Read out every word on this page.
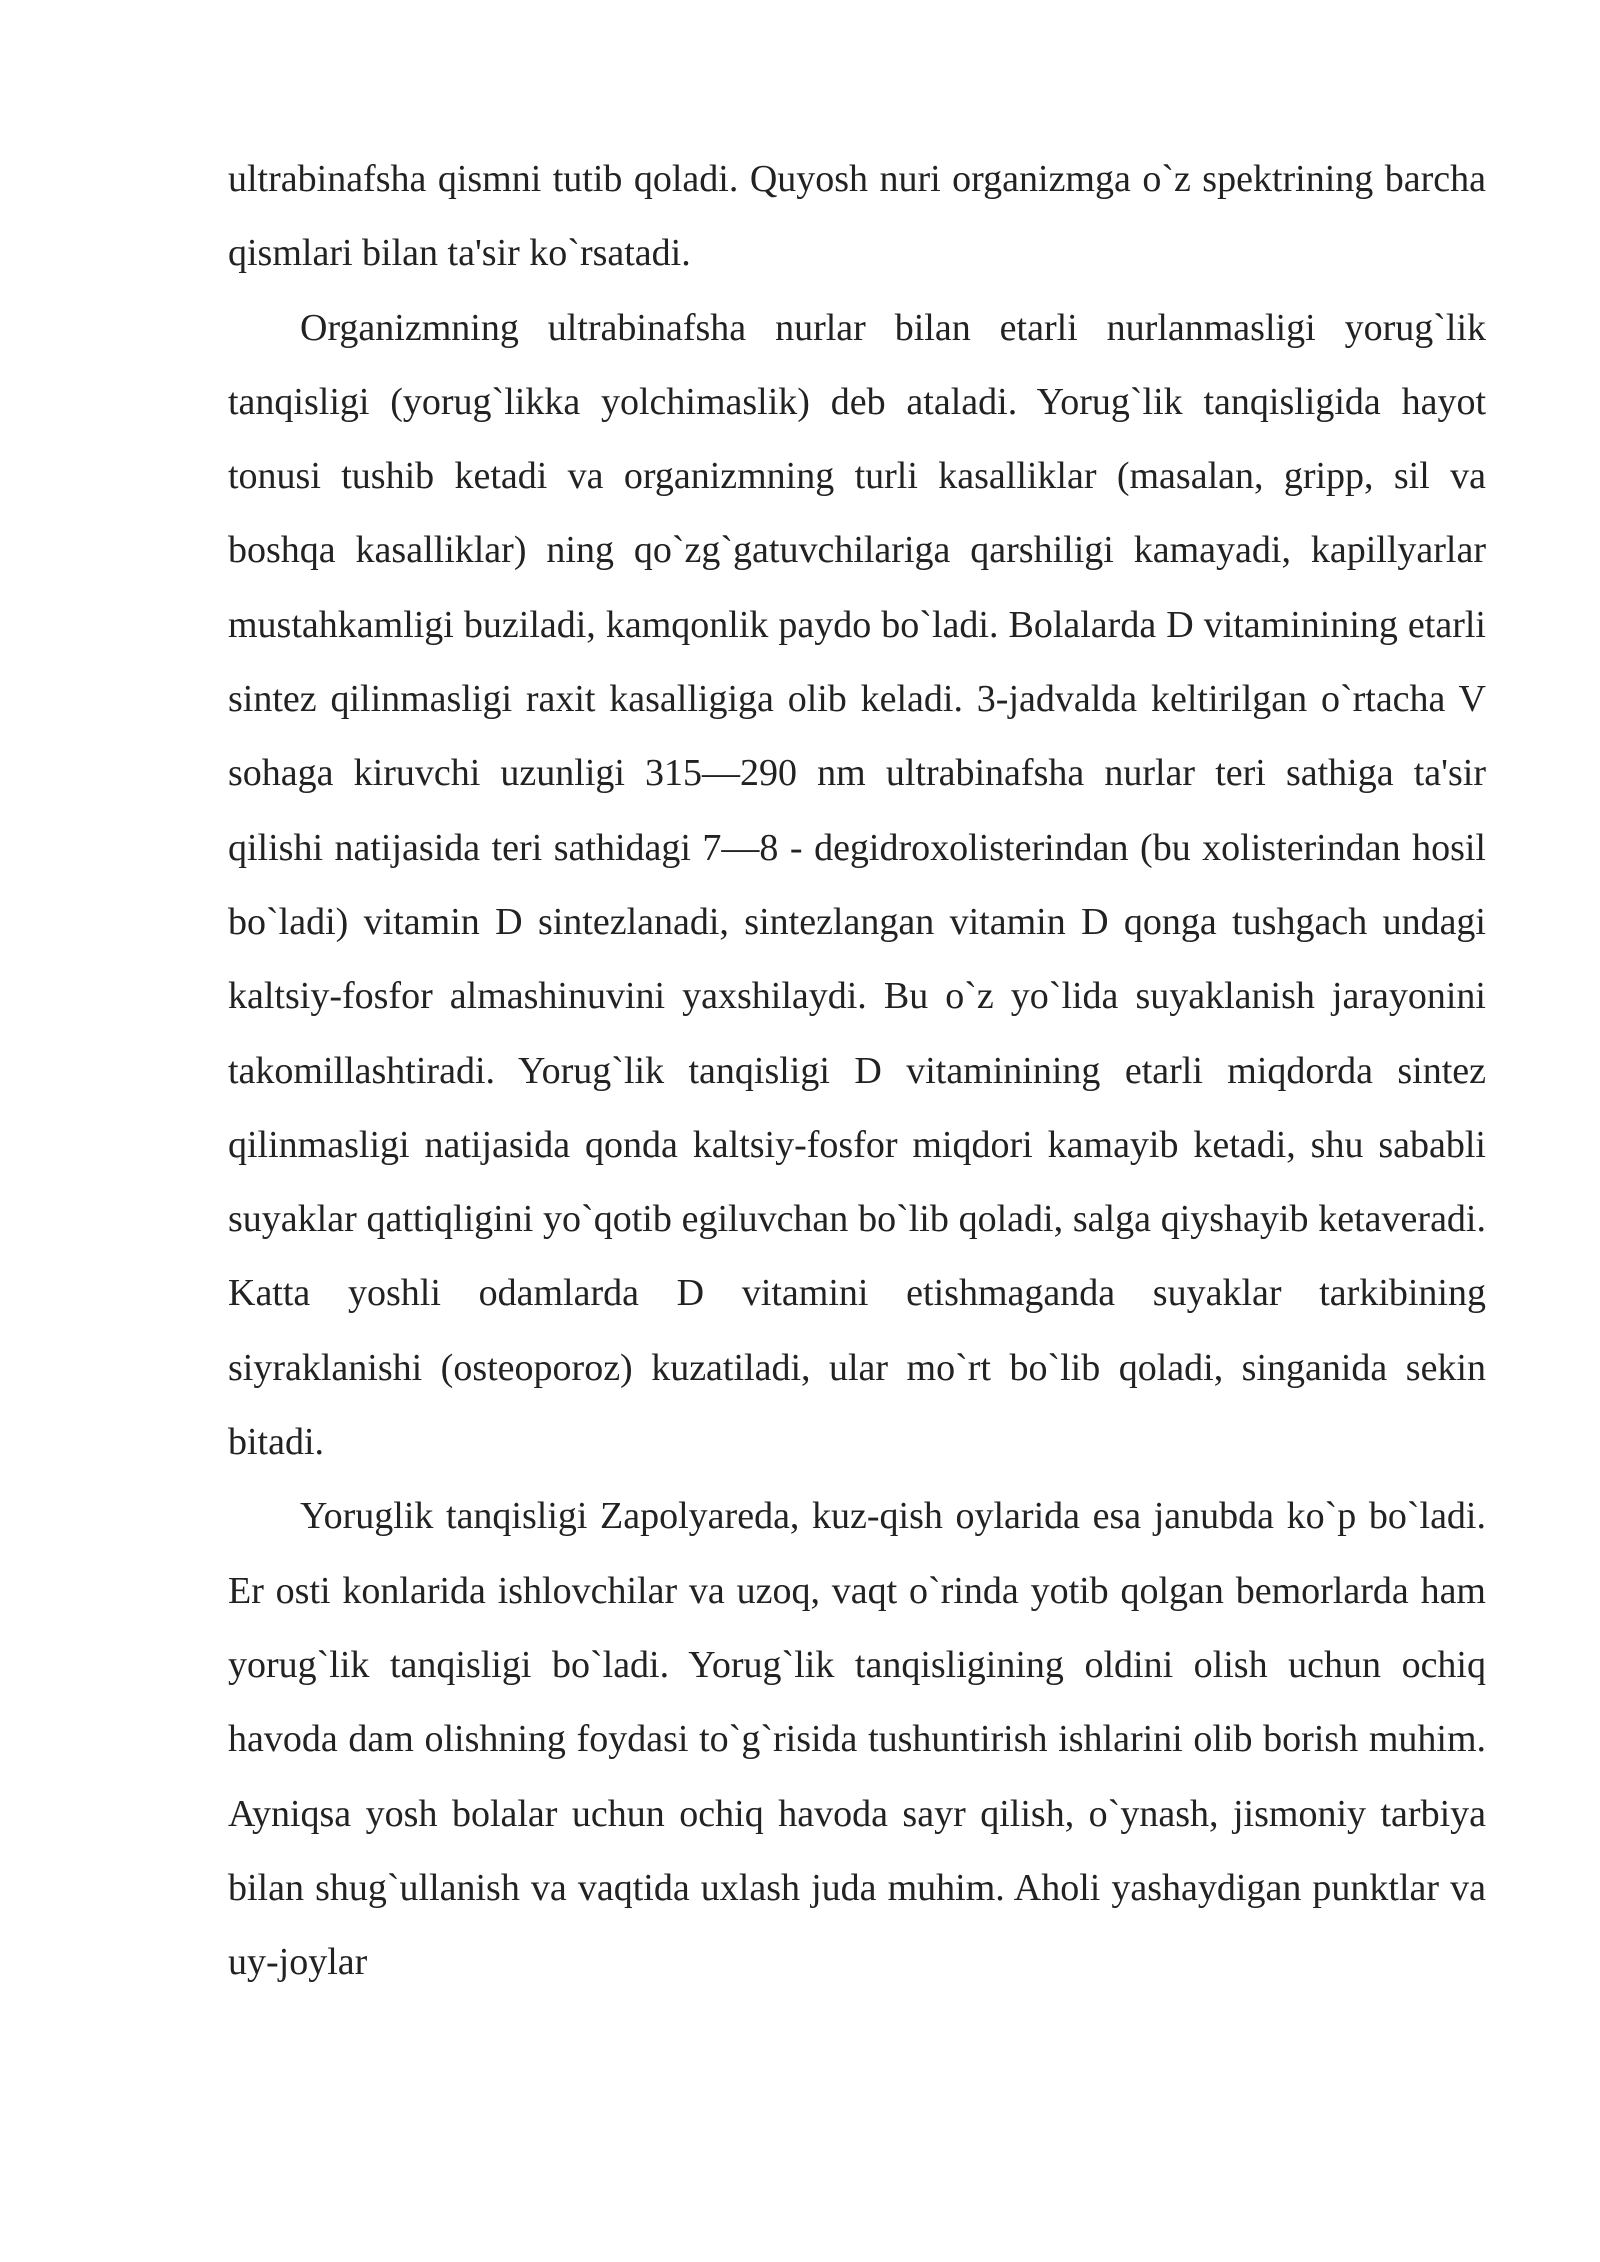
ultrabinafsha qismni tutib qoladi. Quyosh nuri organizmga o`z spektrining barcha qismlari bilan ta'sir ko`rsatadi.

Organizmning ultrabinafsha nurlar bilan etarli nurlanmasligi yorug`lik tanqisligi (yorug`likka yolchimaslik) deb ataladi. Yorug`lik tanqisligida hayot tonusi tushib ketadi va organizmning turli kasalliklar (masalan, gripp, sil va boshqa kasalliklar) ning qo`zg`gatuvchilariga qarshiligi kamayadi, kapillyarlar mustahkamligi buziladi, kamqonlik paydo bo`ladi. Bolalarda D vitaminining etarli sintez qilinmasligi raxit kasalligiga olib keladi. 3-jadvalda keltirilgan o`rtacha V sohaga kiruvchi uzunligi 315—290 nm ultrabinafsha nurlar teri sathiga ta'sir qilishi natijasida teri sathidagi 7—8 - degidroxolisterindan (bu xolisterindan hosil bo`ladi) vitamin D sintezlanadi, sintezlangan vitamin D qonga tushgach undagi kaltsiy-fosfor almashinuvini yaxshilaydi. Bu o`z yo`lida suyaklanish jarayonini takomillashtiradi. Yorug`lik tanqisligi D vitaminining etarli miqdorda sintez qilinmasligi natijasida qonda kaltsiy-fosfor miqdori kamayib ketadi, shu sababli suyaklar qattiqligini yo`qotib egiluvchan bo`lib qoladi, salga qiyshayib ketaveradi. Katta yoshli odamlarda D vitamini etishmaganda suyaklar tarkibining siyraklanishi (osteoporoz) kuzatiladi, ular mo`rt bo`lib qoladi, singanida sekin bitadi.

Yoruglik tanqisligi Zapolyareda, kuz-qish oylarida esa janubda ko`p bo`ladi. Er osti konlarida ishlovchilar va uzoq, vaqt o`rinda yotib qolgan bemorlarda ham yorug`lik tanqisligi bo`ladi. Yorug`lik tanqisligining oldini olish uchun ochiq havoda dam olishning foydasi to`g`risida tushuntirish ishlarini olib borish muhim. Ayniqsa yosh bolalar uchun ochiq havoda sayr qilish, o`ynash, jismoniy tarbiya bilan shug`ullanish va vaqtida uxlash juda muhim. Aholi yashaydigan punktlar va uy-joylar
